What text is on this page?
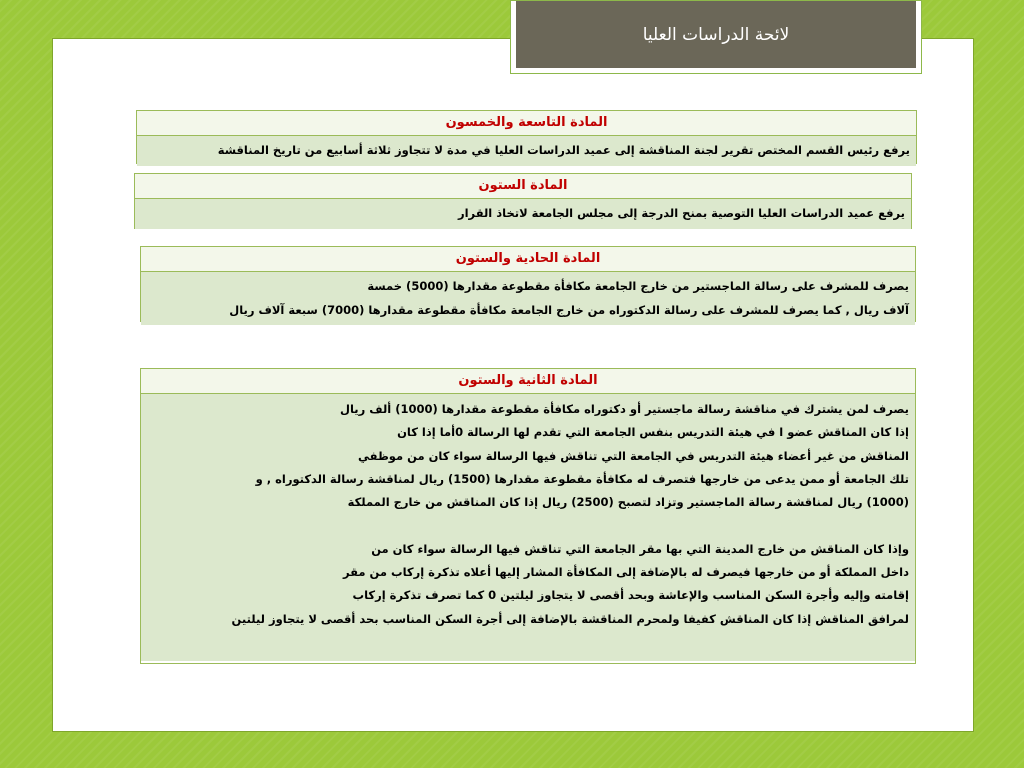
لائحة الدراسات العليا
المادة التاسعة والخمسون
يرفع رئيس القسم المختص تقرير لجنة المناقشة إلى عميد الدراسات العليا في مدة لا تتجاوز ثلاثة أسابيع من تاريخ المناقشة
المادة الستون
يرفع عميد الدراسات العليا التوصية بمنح الدرجة إلى مجلس الجامعة لاتخاذ القرار
المادة الحادية والستون
يصرف للمشرف على رسالة الماجستير من خارج الجامعة مكافأة مقطوعة مقدارها (5000) خمسة
آلاف ريال , كما يصرف للمشرف على رسالة الدكتوراه من خارج الجامعة مكافأة مقطوعة مقدارها (7000) سبعة آلاف ريال
المادة الثانية والستون
يصرف لمن يشترك في مناقشة رسالة ماجستير أو دكتوراه مكافأة مقطوعة مقدارها (1000) ألف ريال
إذا كان المناقش عضو ا في هيئة التدريس بنفس الجامعة التي تقدم لها الرسالة 0أما إذا كان
المناقش من غير أعضاء هيئة التدريس في الجامعة التي تناقش فيها الرسالة سواء كان من موظفي
تلك الجامعة أو ممن يدعى من خارجها فتصرف له مكافأة مقطوعة مقدارها (1500) ريال لمناقشة رسالة الدكتوراه , و
(1000) ريال لمناقشة رسالة الماجستير وتزاد لتصبح (2500) ريال إذا كان المناقش من خارج المملكة
وإذا كان المناقش من خارج المدينة التي بها مقر الجامعة التي تناقش فيها الرسالة سواء كان من
داخل المملكة أو من خارجها فيصرف له بالإضافة إلى المكافأة المشار إليها أعلاه تذكرة إركاب من مقر
إقامته وإليه وأجرة السكن المناسب والإعاشة وبحد أقصى لا يتجاوز ليلتين 0 كما تصرف تذكرة إركاب
لمرافق المناقش إذا كان المناقش كفيفا ولمحرم المناقشة بالإضافة إلى أجرة السكن المناسب بحد أقصى لا يتجاوز ليلتين
